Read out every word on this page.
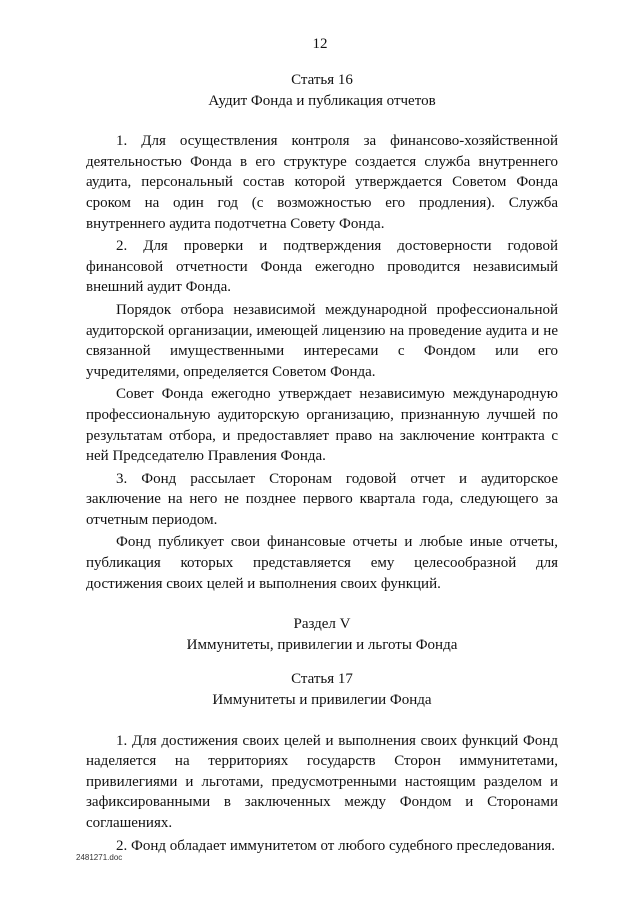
12

Статья 16

Аудит Фонда и публикация отчетов

1. Для осуществления контроля за финансово-хозяйственной деятельностью Фонда в его структуре создается служба внутреннего аудита, персональный состав которой утверждается Советом Фонда сроком на один год (с возможностью его продления). Служба внутреннего аудита подотчетна Совету Фонда.

2. Для проверки и подтверждения достоверности годовой финансовой отчетности Фонда ежегодно проводится независимый внешний аудит Фонда.

Порядок отбора независимой международной профессиональной аудиторской организации, имеющей лицензию на проведение аудита и не связанной имущественными интересами с Фондом или его учредителями, определяется Советом Фонда.

Совет Фонда ежегодно утверждает независимую международную профессиональную аудиторскую организацию, признанную лучшей по результатам отбора, и предоставляет право на заключение контракта с ней Председателю Правления Фонда.

3. Фонд рассылает Сторонам годовой отчет и аудиторское заключение на него не позднее первого квартала года, следующего за отчетным периодом.

Фонд публикует свои финансовые отчеты и любые иные отчеты, публикация которых представляется ему целесообразной для достижения своих целей и выполнения своих функций.

Раздел V

Иммунитеты, привилегии и льготы Фонда

Статья 17

Иммунитеты и привилегии Фонда

1. Для достижения своих целей и выполнения своих функций Фонд наделяется на территориях государств Сторон иммунитетами, привилегиями и льготами, предусмотренными настоящим разделом и зафиксированными в заключенных между Фондом и Сторонами соглашениях.

2. Фонд обладает иммунитетом от любого судебного преследования.

2481271.doc
